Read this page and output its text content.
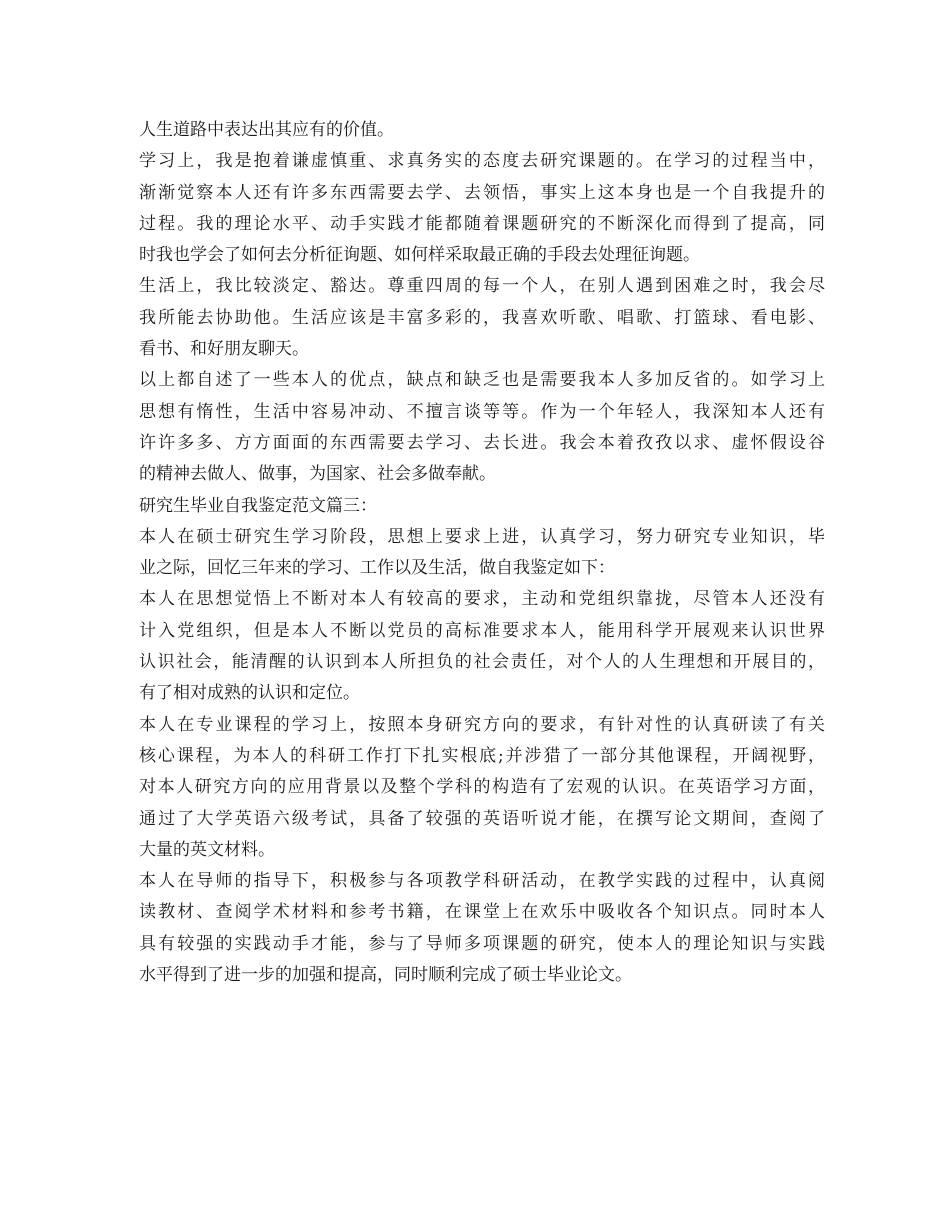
人生道路中表达出其应有的价值。
学习上，我是抱着谦虚慎重、求真务实的态度去研究课题的。在学习的过程当中，
渐渐觉察本人还有许多东西需要去学、去领悟，事实上这本身也是一个自我提升的
过程。我的理论水平、动手实践才能都随着课题研究的不断深化而得到了提高，同
时我也学会了如何去分析征询题、如何样采取最正确的手段去处理征询题。
生活上，我比较淡定、豁达。尊重四周的每一个人，在别人遇到困难之时，我会尽
我所能去协助他。生活应该是丰富多彩的，我喜欢听歌、唱歌、打篮球、看电影、
看书、和好朋友聊天。
以上都自述了一些本人的优点，缺点和缺乏也是需要我本人多加反省的。如学习上
思想有惰性，生活中容易冲动、不擅言谈等等。作为一个年轻人，我深知本人还有
许许多多、方方面面的东西需要去学习、去长进。我会本着孜孜以求、虚怀假设谷
的精神去做人、做事，为国家、社会多做奉献。
研究生毕业自我鉴定范文篇三：
本人在硕士研究生学习阶段，思想上要求上进，认真学习，努力研究专业知识，毕
业之际，回忆三年来的学习、工作以及生活，做自我鉴定如下：
本人在思想觉悟上不断对本人有较高的要求，主动和党组织靠拢，尽管本人还没有
计入党组织，但是本人不断以党员的高标准要求本人，能用科学开展观来认识世界
认识社会，能清醒的认识到本人所担负的社会责任，对个人的人生理想和开展目的，
有了相对成熟的认识和定位。
本人在专业课程的学习上，按照本身研究方向的要求，有针对性的认真研读了有关
核心课程，为本人的科研工作打下扎实根底;并涉猎了一部分其他课程，开阔视野，
对本人研究方向的应用背景以及整个学科的构造有了宏观的认识。在英语学习方面，
通过了大学英语六级考试，具备了较强的英语听说才能，在撰写论文期间，查阅了
大量的英文材料。
本人在导师的指导下，积极参与各项教学科研活动，在教学实践的过程中，认真阅
读教材、查阅学术材料和参考书籍，在课堂上在欢乐中吸收各个知识点。同时本人
具有较强的实践动手才能，参与了导师多项课题的研究，使本人的理论知识与实践
水平得到了进一步的加强和提高，同时顺利完成了硕士毕业论文。
